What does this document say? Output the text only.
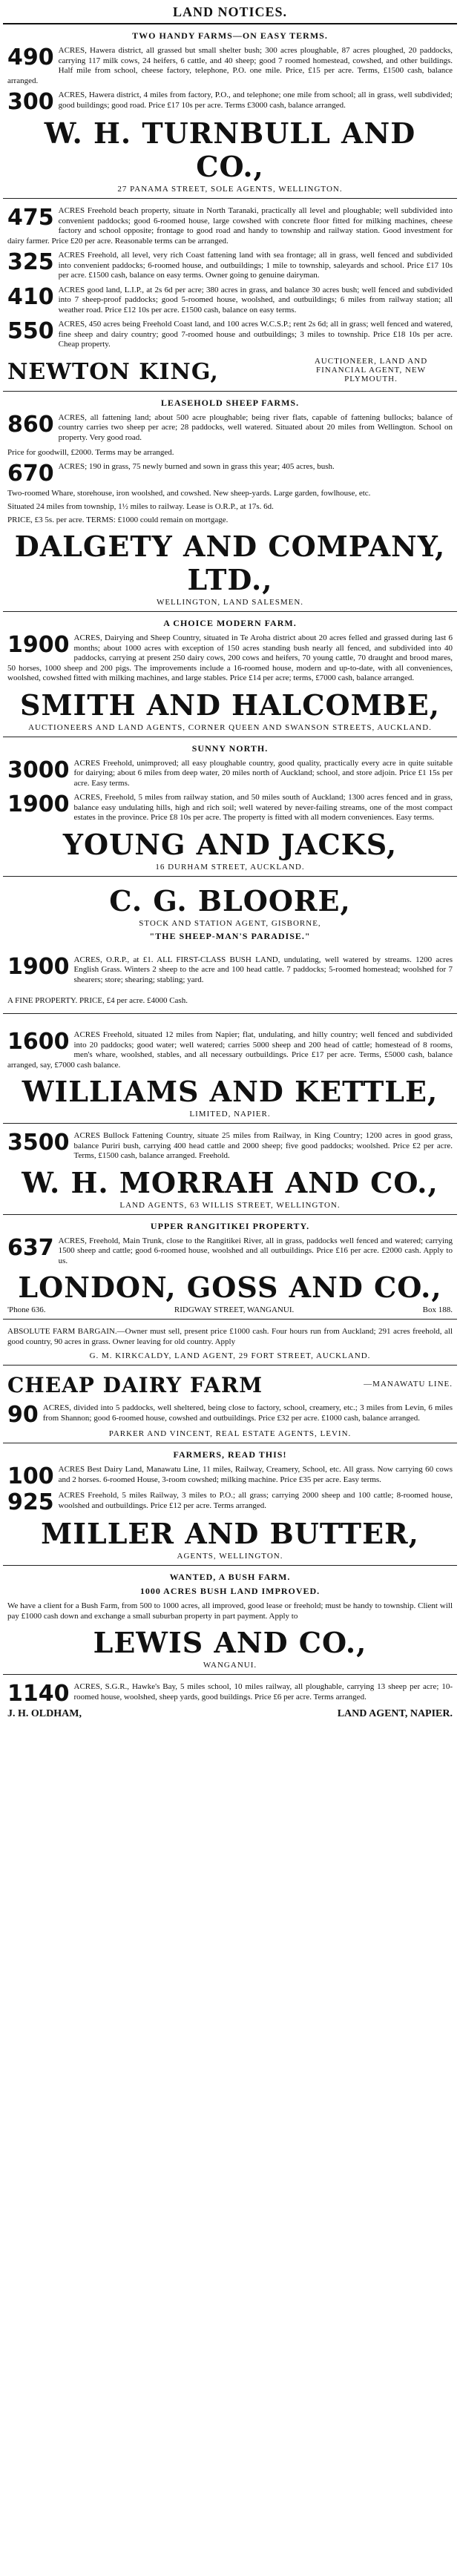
LAND NOTICES.
TWO HANDY FARMS—ON EASY TERMS.
490 ACRES, Hawera district, all grassed but small shelter bush; 300 acres ploughable, 87 acres ploughed, 20 paddocks, carrying 117 milk cows, 24 heifers, 6 cattle, and 40 sheep; good 7 roomed homestead, cowshed, and other buildings. Half mile from school, cheese factory, telephone, P.O. one mile. Price, £15 per acre. Terms, £1500 cash, balance arranged.
300 ACRES, Hawera district, 4 miles from factory, P.O., and telephone; one mile from school; all in grass, well subdivided; good buildings; good road. Price £17 10s per acre. Terms £3000 cash, balance arranged.
W. H. TURNBULL AND CO.,
27 PANAMA STREET, SOLE AGENTS, WELLINGTON.
475 ACRES Freehold beach property, situate in North Taranaki, practically all level and ploughable; well subdivided into convenient paddocks; good 6-roomed house, large cowshed with concrete floor fitted for milking machines, cheese factory and school opposite; frontage to good road and handy to township and railway station. Good investment for dairy farmer. Price £20 per acre. Reasonable terms can be arranged.
325 ACRES Freehold, all level, very rich Coast fattening land with sea frontage; all in grass, well fenced and subdivided into convenient paddocks; 6-roomed house, and outbuildings; 1 mile to township, saleyards and school. Price £17 10s per acre. £1500 cash, balance on easy terms. Owner going to genuine dairyman.
410 ACRES good land, L.I.P., at 2s 6d per acre; 380 acres in grass, and balance 30 acres bush; well fenced and subdivided into 7 sheep-proof paddocks; good 5-roomed house, woolshed, and outbuildings; 6 miles from railway station; all weather road. Price £12 10s per acre. £1500 cash, balance on easy terms.
550 ACRES, 450 acres being Freehold Coast land, and 100 acres W.C.S.P.; rent 2s 6d; all in grass; well fenced and watered, fine sheep and dairy country; good 7-roomed house and outbuildings; 3 miles to township. Price £18 10s per acre. Cheap property.
NEWTON KING,	AUCTIONEER, LAND AND FINANCIAL AGENT, NEW PLYMOUTH.
LEASEHOLD SHEEP FARMS.
860 ACRES, all fattening land; about 500 acre ploughable; being river flats, capable of fattening bullocks; balance of country carries two sheep per acre; 28 paddocks, well watered. Situated about 20 miles from Wellington. School on property. Very good road.
Price for goodwill, £2000. Terms may be arranged.
670 ACRES; 190 in grass, 75 newly burned and sown in grass this year; 405 acres, bush.
Two-roomed Whare, storehouse, iron woolshed, and cowshed. New sheep-yards. Large garden, fowlhouse, etc.
Situated 24 miles from township, 1½ miles to railway. Lease is O.R.P., at 17s. 6d.
PRICE, £3 5s. per acre. TERMS: £1000 could remain on mortgage.
DALGETY AND COMPANY, LTD.,
WELLINGTON, LAND SALESMEN.
A CHOICE MODERN FARM.
1900 ACRES, Dairying and Sheep Country, situated in Te Aroha district about 20 acres felled and grassed during last 6 months; about 1000 acres with exception of 150 acres standing bush nearly all fenced, and subdivided into 40 paddocks, carrying at present 250 dairy cows, 200 cows and heifers, 70 young cattle, 70 draught and brood mares, 50 horses, 1000 sheep and 200 pigs. The improvements include a 16-roomed house, modern and up-to-date, with all conveniences, woolshed, cowshed fitted with milking machines, and large stables. Price £14 per acre; terms, £7000 cash, balance arranged.
SMITH AND HALCOMBE,
AUCTIONEERS AND LAND AGENTS, CORNER QUEEN AND SWANSON STREETS, AUCKLAND.
SUNNY NORTH.
3000 ACRES Freehold, unimproved; all easy ploughable country, good quality, practically every acre in quite suitable for dairying; about 6 miles from deep water, 20 miles north of Auckland; school, and store adjoin. Price £1 15s per acre. Easy terms.
1900 ACRES, Freehold, 5 miles from railway station, and 50 miles south of Auckland; 1300 acres fenced and in grass, balance easy undulating hills, high and rich soil; well watered by never-failing streams, one of the most compact estates in the province. Price £8 10s per acre. The property is fitted with all modern conveniences. Easy terms.
YOUNG AND JACKS,
16 DURHAM STREET, AUCKLAND.
C. G. BLOORE,
STOCK AND STATION AGENT, GISBORNE,
"THE SHEEP-MAN'S PARADISE."
1900 ACRES, O.R.P., at £1. ALL FIRST-CLASS BUSH LAND, undulating, well watered by streams. 1200 acres English Grass. Winters 2 sheep to the acre and 100 head cattle. 7 paddocks; 5-roomed homestead; woolshed for 7 shearers; store; shearing; stabling; yard.
A FINE PROPERTY. PRICE, £4 per acre. £4000 Cash.
1600 ACRES Freehold, situated 12 miles from Napier; flat, undulating, and hilly country; well fenced and subdivided into 20 paddocks; good water; well watered; carries 5000 sheep and 200 head of cattle; homestead of 8 rooms, men's whare, woolshed, stables, and all necessary outbuildings. Price £17 per acre. Terms, £5000 cash, balance arranged, say, £7000 cash balance.
WILLIAMS AND KETTLE,
LIMITED, NAPIER.
3500 ACRES Bullock Fattening Country, situate 25 miles from Railway, in King Country; 1200 acres in good grass, balance Puriri bush, carrying 400 head cattle and 2000 sheep; five good paddocks; woolshed. Price £2 per acre. Terms, £1500 cash, balance arranged. Freehold.
W. H. MORRAH AND CO.,
LAND AGENTS, 63 WILLIS STREET, WELLINGTON.
UPPER RANGITIKEI PROPERTY.
637 ACRES, Freehold, Main Trunk, close to the Rangitikei River, all in grass, paddocks well fenced and watered; carrying 1500 sheep and cattle; good 6-roomed house, woolshed and all outbuildings. Price £16 per acre. £2000 cash. Apply to us.
LONDON, GOSS AND CO.,
'Phone 636.	RIDGWAY STREET, WANGANUI.	Box 188.
ABSOLUTE FARM BARGAIN.—Owner must sell, present price £1000 cash. Four hours run from Auckland; 291 acres freehold, all good country, 90 acres in grass. Owner leaving for old country. Apply
G. M. KIRKCALDY, LAND AGENT, 29 FORT STREET, AUCKLAND.
CHEAP DAIRY FARM	—MANAWATU LINE.
90 ACRES, divided into 5 paddocks, well sheltered, being close to factory, school, creamery, etc.; 3 miles from Levin, 6 miles from Shannon; good 6-roomed house, cowshed and outbuildings. Price £32 per acre. £1000 cash, balance arranged.
PARKER AND VINCENT, REAL ESTATE AGENTS, LEVIN.
FARMERS, READ THIS!
100 ACRES Best Dairy Land, Manawatu Line, 11 miles, Railway, Creamery, School, etc. All grass. Now carrying 60 cows and 2 horses. 6-roomed House, 3-room cowshed; milking machine. Price £35 per acre. Easy terms.
925 ACRES Freehold, 5 miles Railway, 3 miles to P.O.; all grass; carrying 2000 sheep and 100 cattle; 8-roomed house, woolshed and outbuildings. Price £12 per acre. Terms arranged.
MILLER AND BUTTER,
AGENTS, WELLINGTON.
WANTED, A BUSH FARM.
1000 ACRES BUSH LAND IMPROVED.
We have a client for a Bush Farm, from 500 to 1000 acres, all improved, good lease or freehold; must be handy to township. Client will pay £1000 cash down and exchange a small suburban property in part payment. Apply to
LEWIS AND CO.,
WANGANUI.
1140 ACRES, S.G.R., Hawke's Bay, 5 miles school, 10 miles railway, all ploughable, carrying 13 sheep per acre; 10-roomed house, woolshed, sheep yards, good buildings. Price £6 per acre. Terms arranged.
J. H. OLDHAM,	LAND AGENT, NAPIER.
